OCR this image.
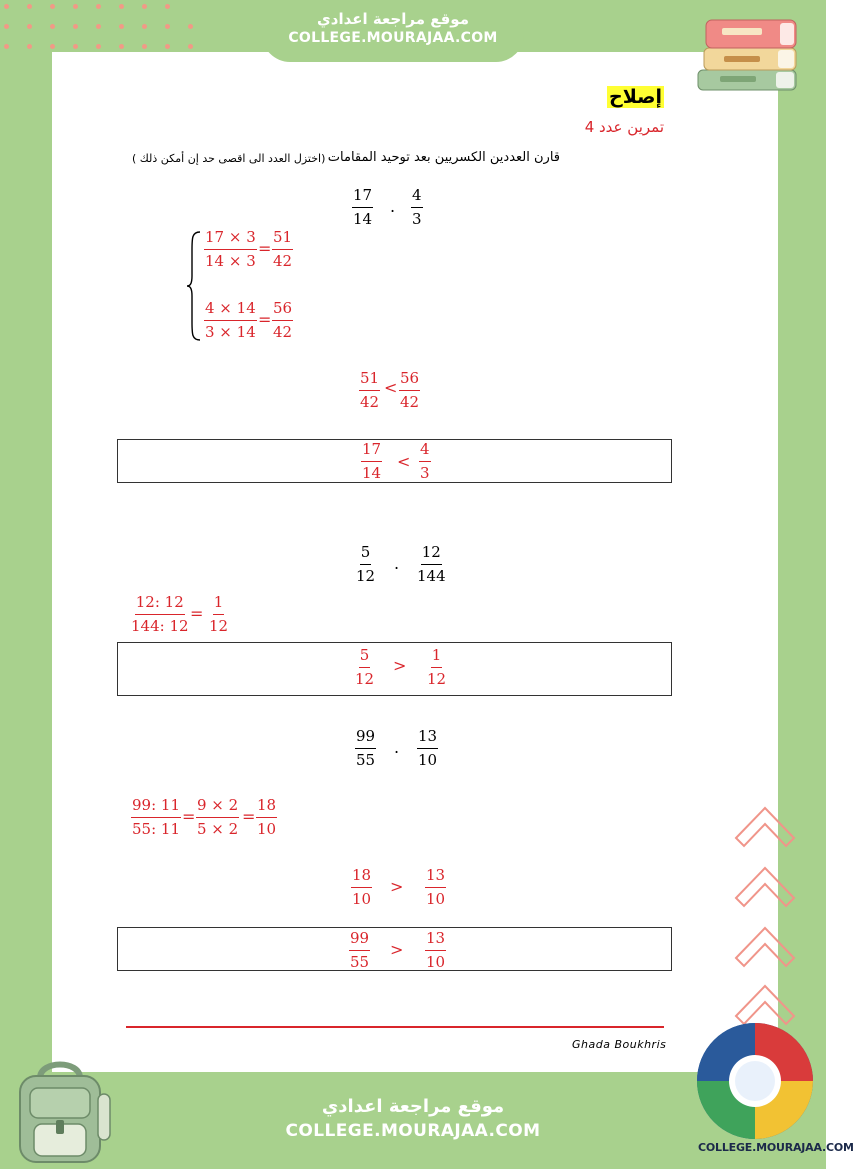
موقع مراجعة اعدادي
COLLEGE.MOURAJAA.COM
إصلاح
تمرين عدد 4
قارن العددين الكسريين بعد توحيد المقامات
(اختزل العدد الى اقصى حد إن أمكن ذلك )
$\frac{17}{14}$ . $\frac{4}{3}$
$\frac{17 \times 3}{14 \times 3} = \frac{51}{42}$
$\frac{4 \times 14}{3 \times 14} = \frac{56}{42}$
$\frac{51}{42} < \frac{56}{42}$
$\frac{17}{14} < \frac{4}{3}$
$\frac{5}{12}$ . $\frac{12}{144}$
$\frac{12: 12}{144: 12} = \frac{1}{12}$
$\frac{5}{12} > \frac{1}{12}$
$\frac{99}{55}$ . $\frac{13}{10}$
$\frac{99: 11}{55: 11} = \frac{9 \times 2}{5 \times 2} = \frac{18}{10}$
$\frac{18}{10} > \frac{13}{10}$
$\frac{99}{55} > \frac{13}{10}$
Ghada Boukhris
موقع مراجعة اعدادي
COLLEGE.MOURAJAA.COM
COLLEGE.MOURAJAA.COM
